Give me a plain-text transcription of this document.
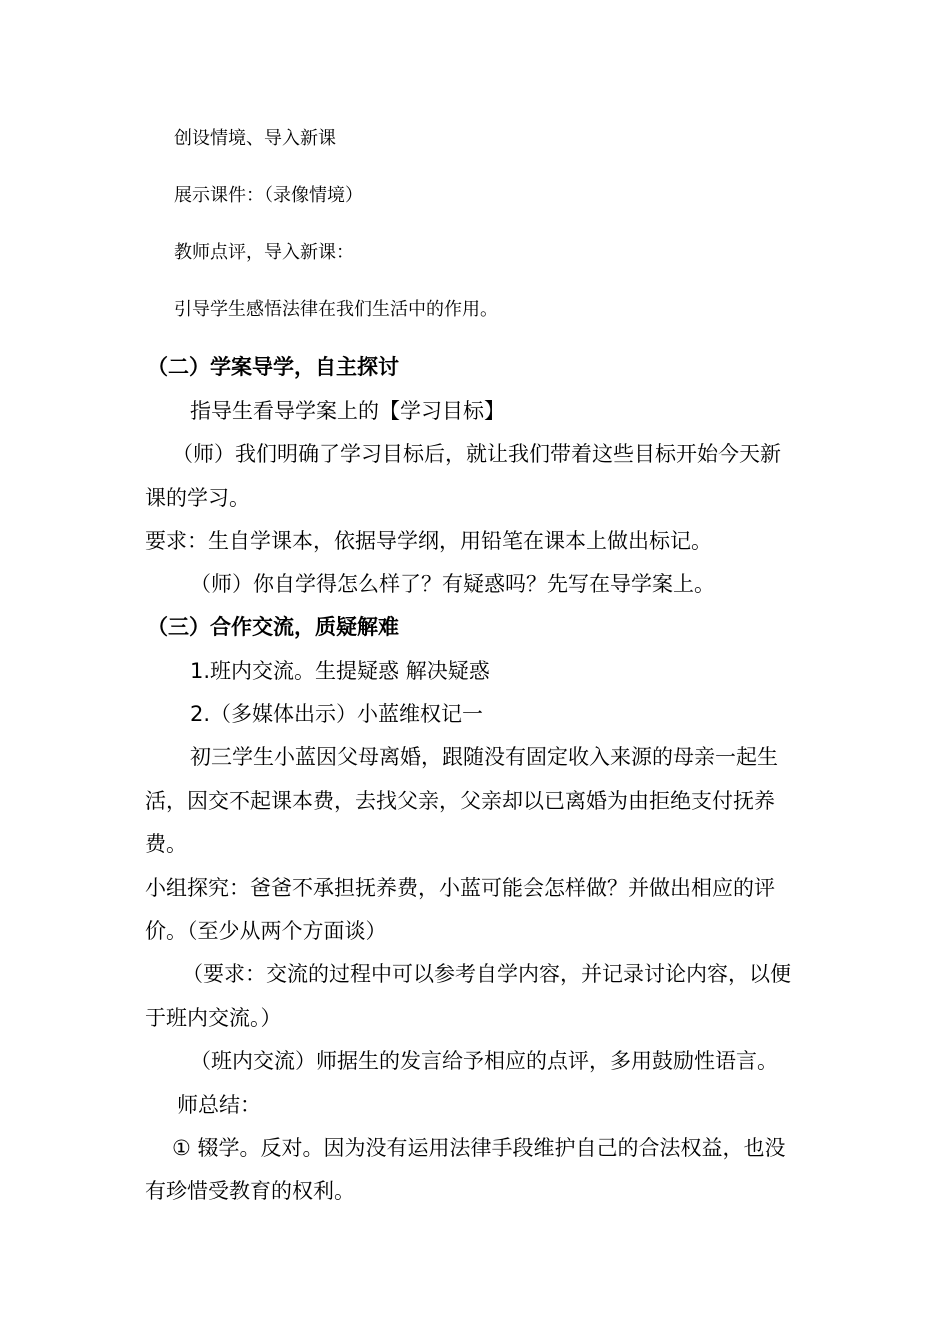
创设情境、导入新课
展示课件：（录像情境）
教师点评，导入新课：
引导学生感悟法律在我们生活中的作用。
（二）学案导学，自主探讨
指导生看导学案上的【学习目标】
（师）我们明确了学习目标后，就让我们带着这些目标开始今天新
课的学习。
要求：生自学课本，依据导学纲，用铅笔在课本上做出标记。
（师）你自学得怎么样了？有疑惑吗？先写在导学案上。
（三）合作交流，质疑解难
1.班内交流。生提疑惑 解决疑惑
2.（多媒体出示）小蓝维权记一
初三学生小蓝因父母离婚，跟随没有固定收入来源的母亲一起生
活，因交不起课本费，去找父亲，父亲却以已离婚为由拒绝支付抚养
费。
小组探究：爸爸不承担抚养费，小蓝可能会怎样做？并做出相应的评
价。（至少从两个方面谈）
（要求：交流的过程中可以参考自学内容，并记录讨论内容，以便
于班内交流。）
（班内交流）师据生的发言给予相应的点评，多用鼓励性语言。
师总结：
① 辍学。反对。因为没有运用法律手段维护自己的合法权益，也没
有珍惜受教育的权利。
